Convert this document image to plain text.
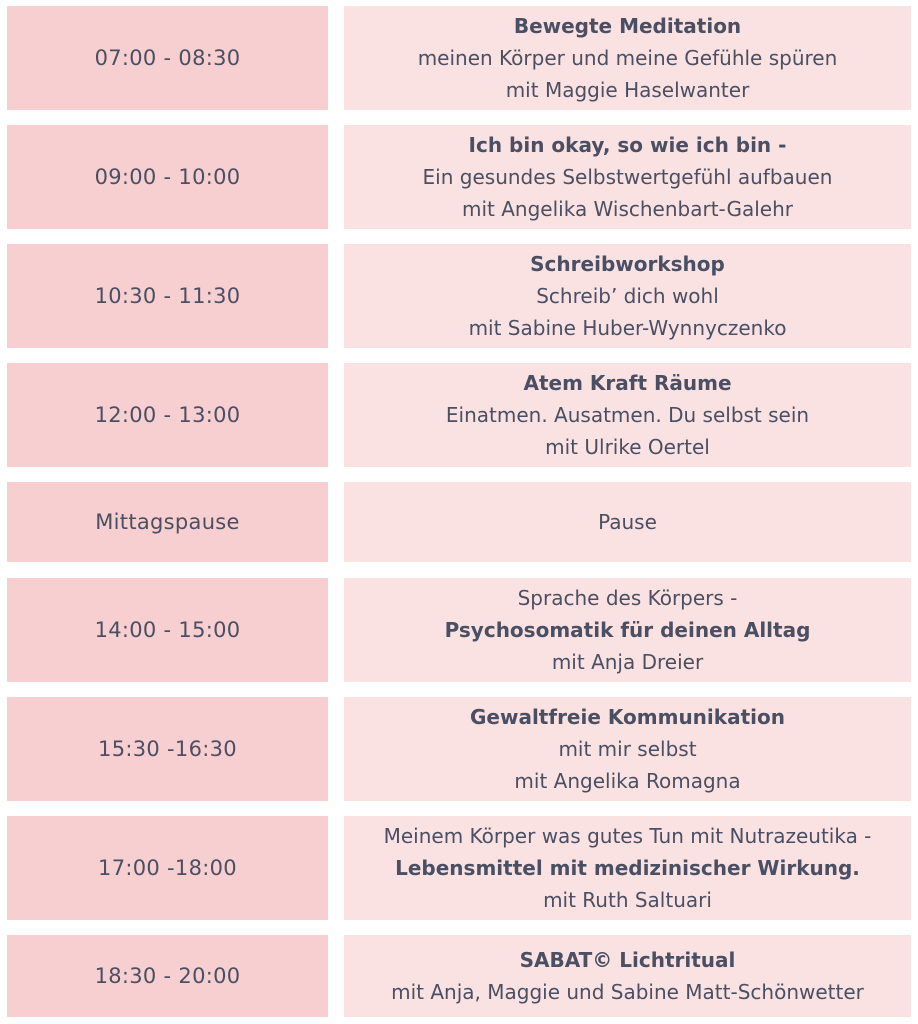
07:00 - 08:30
Bewegte Meditation
meinen Körper und meine Gefühle spüren
mit Maggie Haselwanter
09:00 - 10:00
Ich bin okay, so wie ich bin -
Ein gesundes Selbstwertgefühl aufbauen
mit Angelika Wischenbart-Galehr
10:30 - 11:30
Schreibworkshop
Schreib’ dich wohl
mit Sabine Huber-Wynnyczenko
12:00 - 13:00
Atem Kraft Räume
Einatmen. Ausatmen. Du selbst sein
mit Ulrike Oertel
Mittagspause	Pause
14:00 - 15:00
Sprache des Körpers -
Psychosomatik für deinen Alltag
mit Anja Dreier
15:30 -16:30
Gewaltfreie Kommunikation
mit mir selbst
mit Angelika Romagna
17:00 -18:00
Meinem Körper was gutes Tun mit Nutrazeutika -
Lebensmittel mit medizinischer Wirkung.
mit Ruth Saltuari
18:30 - 20:00
SABAT© Lichtritual
mit Anja, Maggie und Sabine Matt-Schönwetter
